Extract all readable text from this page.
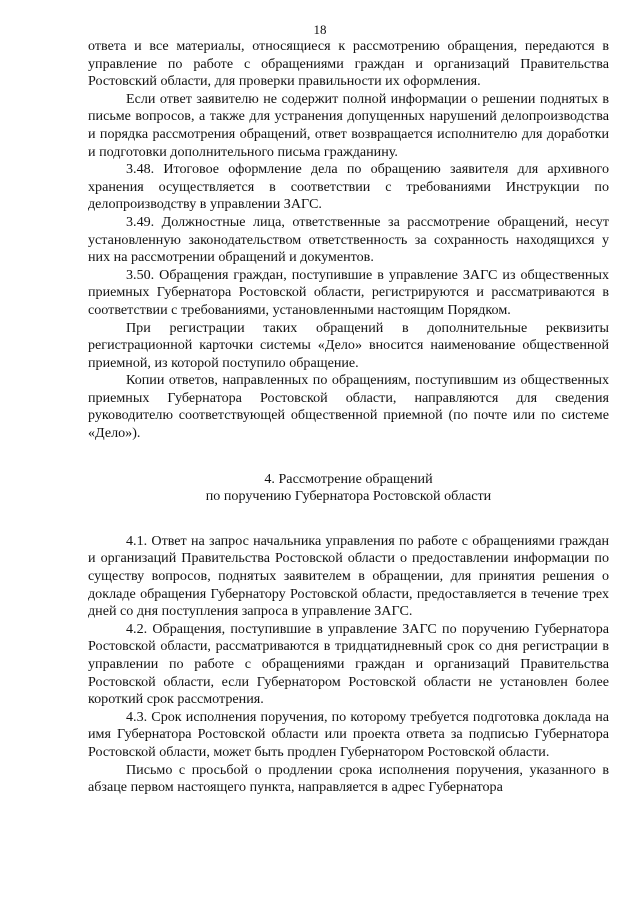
18

ответа и все материалы, относящиеся к рассмотрению обращения, передаются в управление по работе с обращениями граждан и организаций Правительства Ростовский области, для проверки правильности их оформления.

Если ответ заявителю не содержит полной информации о решении поднятых в письме вопросов, а также для устранения допущенных нарушений делопроизводства и порядка рассмотрения обращений, ответ возвращается исполнителю для доработки и подготовки дополнительного письма гражданину.

3.48. Итоговое оформление дела по обращению заявителя для архивного хранения осуществляется в соответствии с требованиями Инструкции по делопроизводству в управлении ЗАГС.

3.49. Должностные лица, ответственные за рассмотрение обращений, несут установленную законодательством ответственность за сохранность находящихся у них на рассмотрении обращений и документов.

3.50. Обращения граждан, поступившие в управление ЗАГС из общественных приемных Губернатора Ростовской области, регистрируются и рассматриваются в соответствии с требованиями, установленными настоящим Порядком.

При регистрации таких обращений в дополнительные реквизиты регистрационной карточки системы «Дело» вносится наименование общественной приемной, из которой поступило обращение.

Копии ответов, направленных по обращениям, поступившим из общественных приемных Губернатора Ростовской области, направляются для сведения руководителю соответствующей общественной приемной (по почте или по системе «Дело»).

4. Рассмотрение обращений
по поручению Губернатора Ростовской области

4.1. Ответ на запрос начальника управления по работе с обращениями граждан и организаций Правительства Ростовской области о предоставлении информации по существу вопросов, поднятых заявителем в обращении, для принятия решения о докладе обращения Губернатору Ростовской области, предоставляется в течение трех дней со дня поступления запроса в управление ЗАГС.

4.2. Обращения, поступившие в управление ЗАГС по поручению Губернатора Ростовской области, рассматриваются в тридцатидневный срок со дня регистрации в управлении по работе с обращениями граждан и организаций Правительства Ростовской области, если Губернатором Ростовской области не установлен более короткий срок рассмотрения.

4.3. Срок исполнения поручения, по которому требуется подготовка доклада на имя Губернатора Ростовской области или проекта ответа за подписью Губернатора Ростовской области, может быть продлен Губернатором Ростовской области.

Письмо с просьбой о продлении срока исполнения поручения, указанного в абзаце первом настоящего пункта, направляется в адрес Губернатора
